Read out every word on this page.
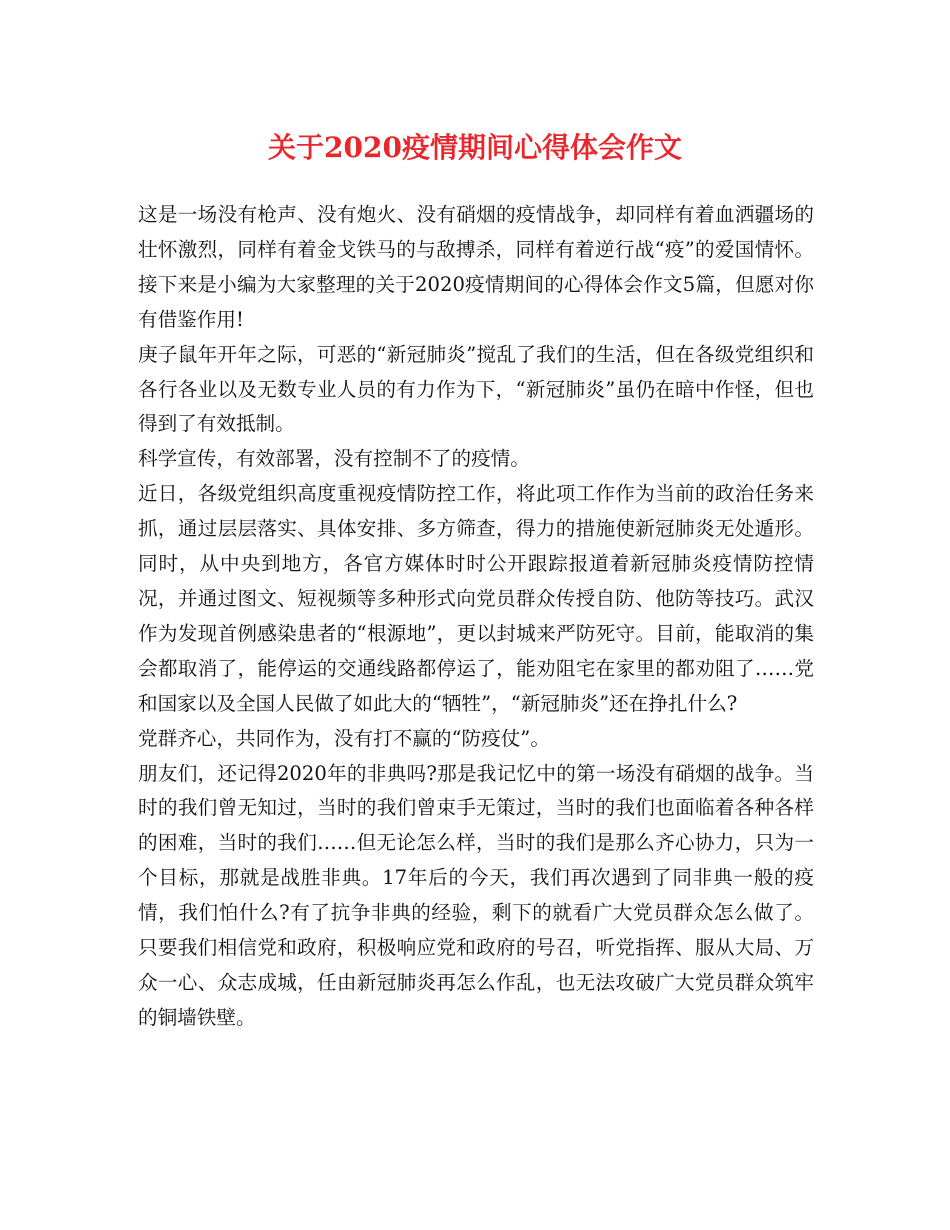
关于2020疫情期间心得体会作文

这是一场没有枪声、没有炮火、没有硝烟的疫情战争，却同样有着血洒疆场的壮怀激烈，同样有着金戈铁马的与敌搏杀，同样有着逆行战“疫”的爱国情怀。接下来是小编为大家整理的关于2020疫情期间的心得体会作文5篇，但愿对你有借鉴作用!

庚子鼠年开年之际，可恶的“新冠肺炎”搅乱了我们的生活，但在各级党组织和各行各业以及无数专业人员的有力作为下，“新冠肺炎”虽仍在暗中作怪，但也得到了有效抵制。

科学宣传，有效部署，没有控制不了的疫情。

近日，各级党组织高度重视疫情防控工作，将此项工作作为当前的政治任务来抓，通过层层落实、具体安排、多方筛查，得力的措施使新冠肺炎无处遁形。同时，从中央到地方，各官方媒体时时公开跟踪报道着新冠肺炎疫情防控情况，并通过图文、短视频等多种形式向党员群众传授自防、他防等技巧。武汉作为发现首例感染患者的“根源地”，更以封城来严防死守。目前，能取消的集会都取消了，能停运的交通线路都停运了，能劝阻宅在家里的都劝阻了……党和国家以及全国人民做了如此大的“牺牲”，“新冠肺炎”还在挣扎什么?

党群齐心，共同作为，没有打不赢的“防疫仗”。

朋友们，还记得2020年的非典吗?那是我记忆中的第一场没有硝烟的战争。当时的我们曾无知过，当时的我们曾束手无策过，当时的我们也面临着各种各样的困难，当时的我们……但无论怎么样，当时的我们是那么齐心协力，只为一个目标，那就是战胜非典。17年后的今天，我们再次遇到了同非典一般的疫情，我们怕什么?有了抗争非典的经验，剩下的就看广大党员群众怎么做了。只要我们相信党和政府，积极响应党和政府的号召，听党指挥、服从大局、万众一心、众志成城，任由新冠肺炎再怎么作乱，也无法攻破广大党员群众筑牢的铜墙铁壁。
